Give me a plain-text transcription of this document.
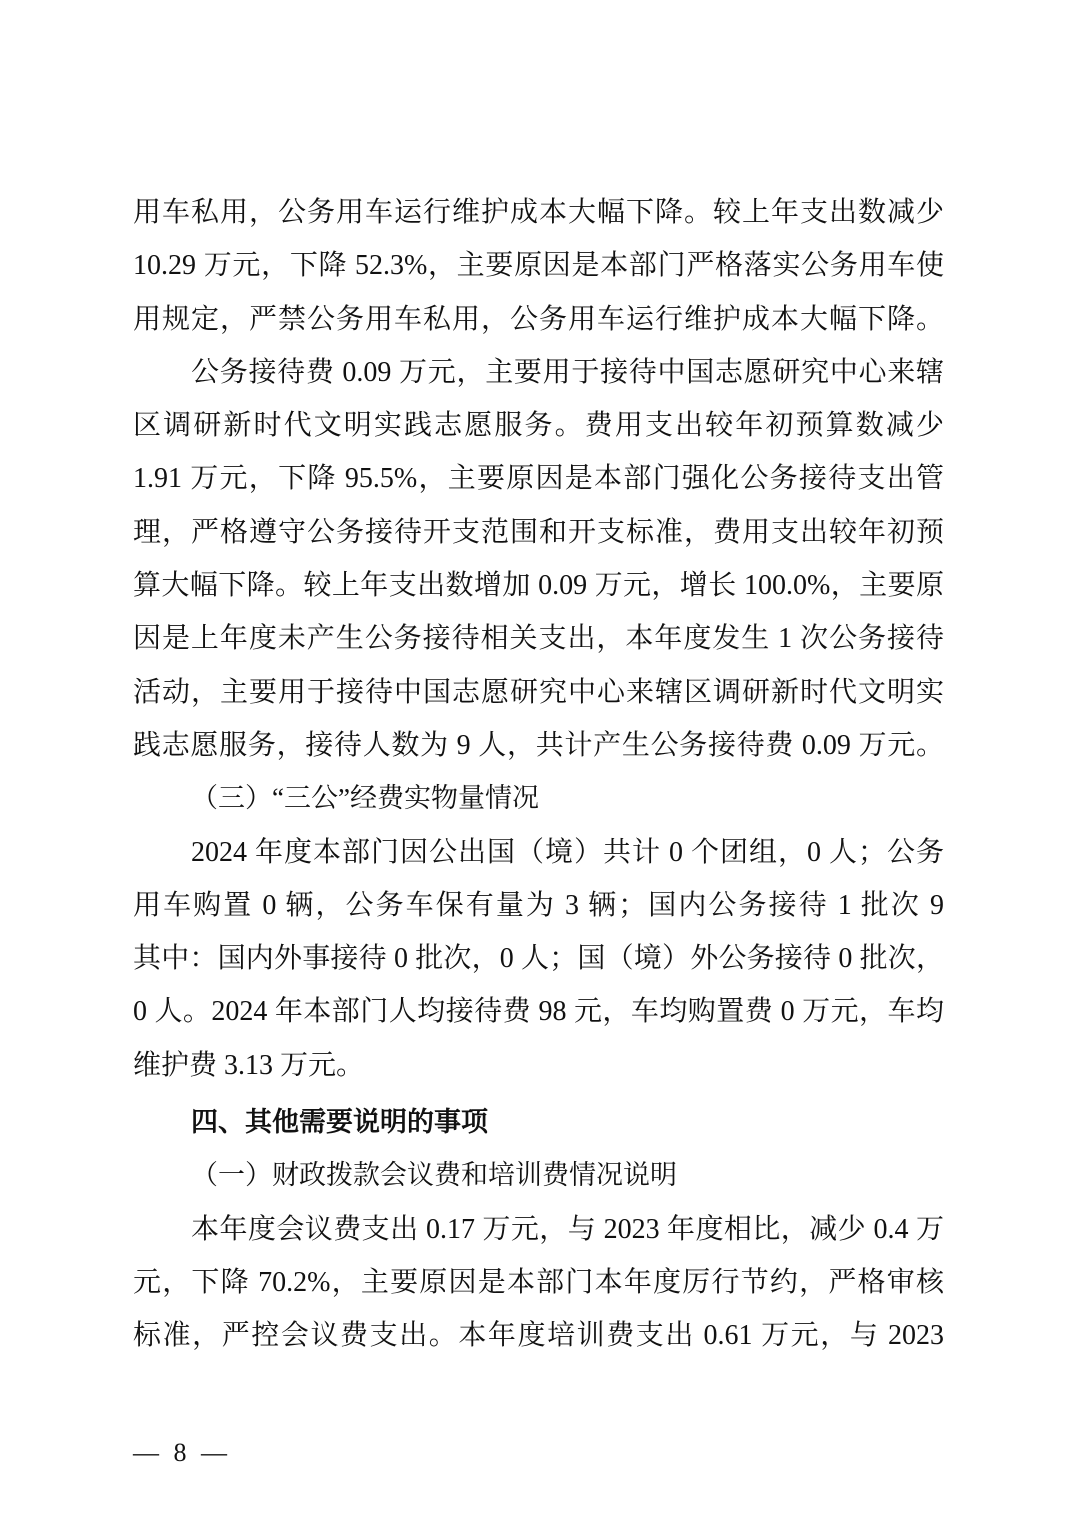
用车私用，公务用车运行维护成本大幅下降。较上年支出数减少
10.29 万元，下降 52.3%，主要原因是本部门严格落实公务用车使
用规定，严禁公务用车私用，公务用车运行维护成本大幅下降。
公务接待费 0.09 万元，主要用于接待中国志愿研究中心来辖
区调研新时代文明实践志愿服务。费用支出较年初预算数减少
1.91 万元，下降 95.5%，主要原因是本部门强化公务接待支出管
理，严格遵守公务接待开支范围和开支标准，费用支出较年初预
算大幅下降。较上年支出数增加 0.09 万元，增长 100.0%，主要原
因是上年度未产生公务接待相关支出，本年度发生 1 次公务接待
活动，主要用于接待中国志愿研究中心来辖区调研新时代文明实
践志愿服务，接待人数为 9 人，共计产生公务接待费 0.09 万元。
（三）“三公”经费实物量情况
2024 年度本部门因公出国（境）共计 0 个团组，0 人；公务
用车购置 0 辆，公务车保有量为 3 辆；国内公务接待 1 批次 9
其中：国内外事接待 0 批次，0 人；国（境）外公务接待 0 批次，
0 人。2024 年本部门人均接待费 98 元，车均购置费 0 万元，车均
维护费 3.13 万元。
四、其他需要说明的事项
（一）财政拨款会议费和培训费情况说明
本年度会议费支出 0.17 万元，与 2023 年度相比，减少 0.4 万
元，下降 70.2%，主要原因是本部门本年度厉行节约，严格审核
标准，严控会议费支出。本年度培训费支出 0.61 万元，与 2023
— 8 —
